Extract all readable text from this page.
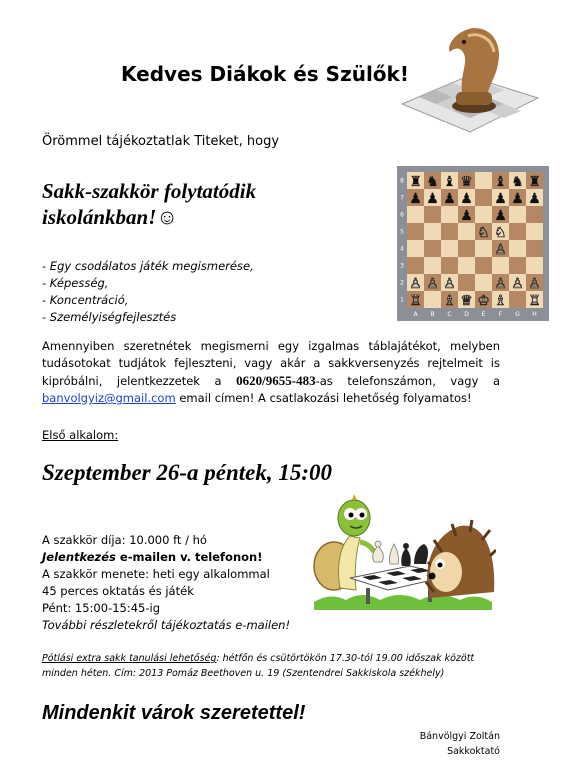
Kedves Diákok és Szülők!
Örömmel tájékoztatlak Titeket, hogy
Sakk-szakkör folytatódik
iskolánkban!☺
♜ ♞ ♝ ♛ ♝ ♞ ♜
♟ ♟ ♟ ♟ ♟ ♟ ♟
♟ ♟
♘ ♘
♙
♙ ♙ ♙	♙ ♙ ♙
♖ ♗ ♕ ♔ ♗ ♖
8
7
6
5
4
3
2
1
A B C D E F G H
- Egy csodálatos játék megismerése,
- Képesség,
- Koncentráció,
- Személyiségfejlesztés
Amennyiben szeretnétek megismerni egy izgalmas táblajátékot, melyben tudásotokat tudjátok fejleszteni, vagy akár a sakkversenyzés rejtelmeit is kipróbálni, jelentkezzetek a 0620/9655-483-as telefonszámon, vagy a banvolgyiz@gmail.com email címen! A csatlakozási lehetőség folyamatos!
Első alkalom:
Szeptember 26-a péntek, 15:00
A szakkör díja: 10.000 ft / hó
Jelentkezés e-mailen v. telefonon!
A szakkör menete: heti egy alkalommal
45 perces oktatás és játék
Pént: 15:00-15:45-ig
További részletekről tájékoztatás e-mailen!
Pótlási extra sakk tanulási lehetőség: hétfőn és csütörtökön 17.30-tól 19.00 időszak között minden héten. Cím: 2013 Pomáz Beethoven u. 19 (Szentendrei Sakkiskola székhely)
Mindenkit várok szeretettel!
Bánvölgyi Zoltán
Sakkoktató
